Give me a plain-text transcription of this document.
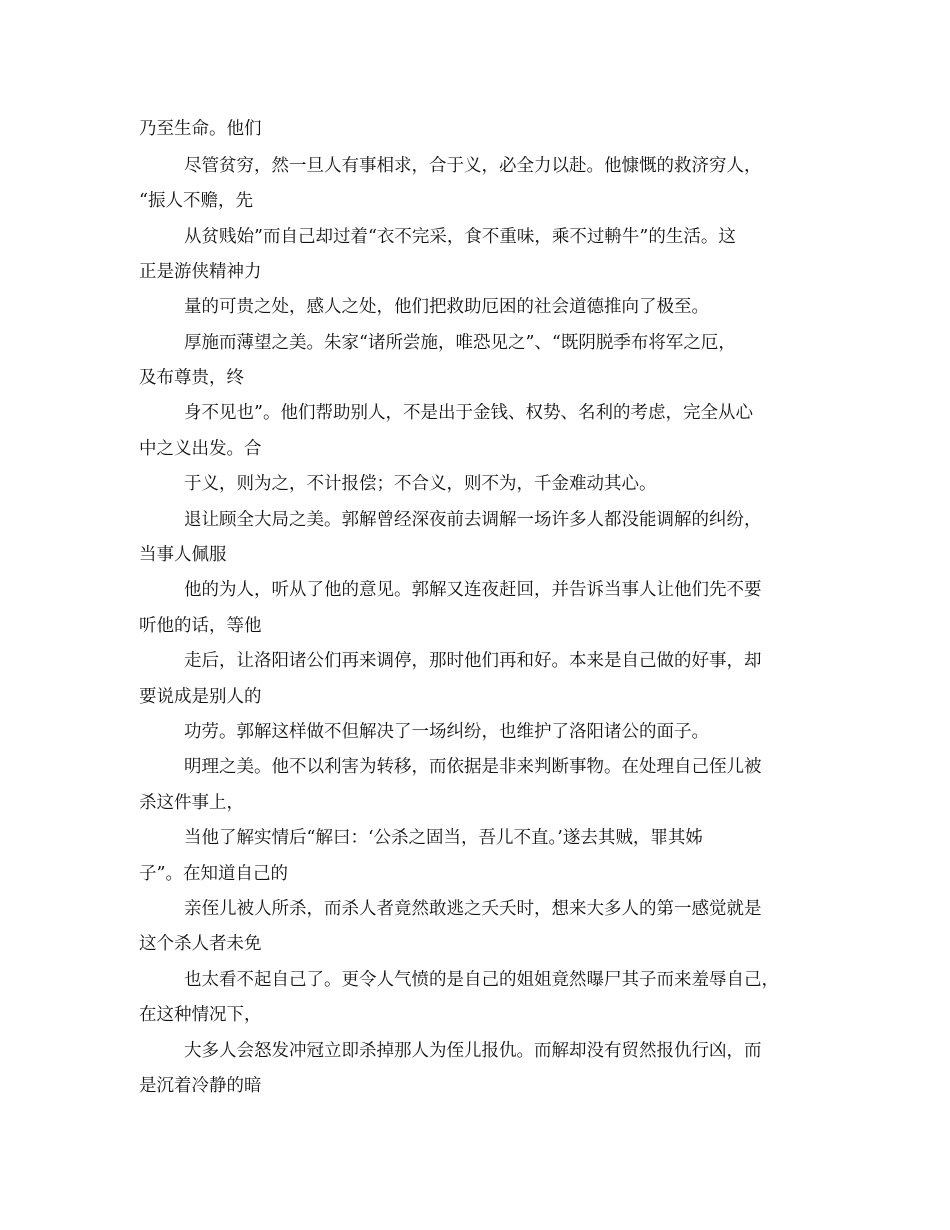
乃至生命。他们

尽管贫穷，然一旦人有事相求，合于义，必全力以赴。他慷慨的救济穷人，

“振人不赡，先

从贫贱始”而自己却过着“衣不完采，食不重味，乘不过輈牛”的生活。这

正是游侠精神力

量的可贵之处，感人之处，他们把救助厄困的社会道德推向了极至。

厚施而薄望之美。朱家“诸所尝施，唯恐见之”、“既阴脱季布将军之厄，

及布尊贵，终

身不见也”。他们帮助别人，不是出于金钱、权势、名利的考虑，完全从心

中之义出发。合

于义，则为之，不计报偿；不合义，则不为，千金难动其心。

退让顾全大局之美。郭解曾经深夜前去调解一场许多人都没能调解的纠纷，

当事人佩服

他的为人，听从了他的意见。郭解又连夜赶回，并告诉当事人让他们先不要

听他的话，等他

走后，让洛阳诸公们再来调停，那时他们再和好。本来是自己做的好事，却

要说成是别人的

功劳。郭解这样做不但解决了一场纠纷，也维护了洛阳诸公的面子。

明理之美。他不以利害为转移，而依据是非来判断事物。在处理自己侄儿被

杀这件事上，

当他了解实情后“解曰：‘公杀之固当，吾儿不直。’遂去其贼，罪其姊

子”。在知道自己的

亲侄儿被人所杀，而杀人者竟然敢逃之夭夭时，想来大多人的第一感觉就是

这个杀人者未免

也太看不起自己了。更令人气愤的是自己的姐姐竟然曝尸其子而来羞辱自己，

在这种情况下，

大多人会怒发冲冠立即杀掉那人为侄儿报仇。而解却没有贸然报仇行凶，而

是沉着冷静的暗
